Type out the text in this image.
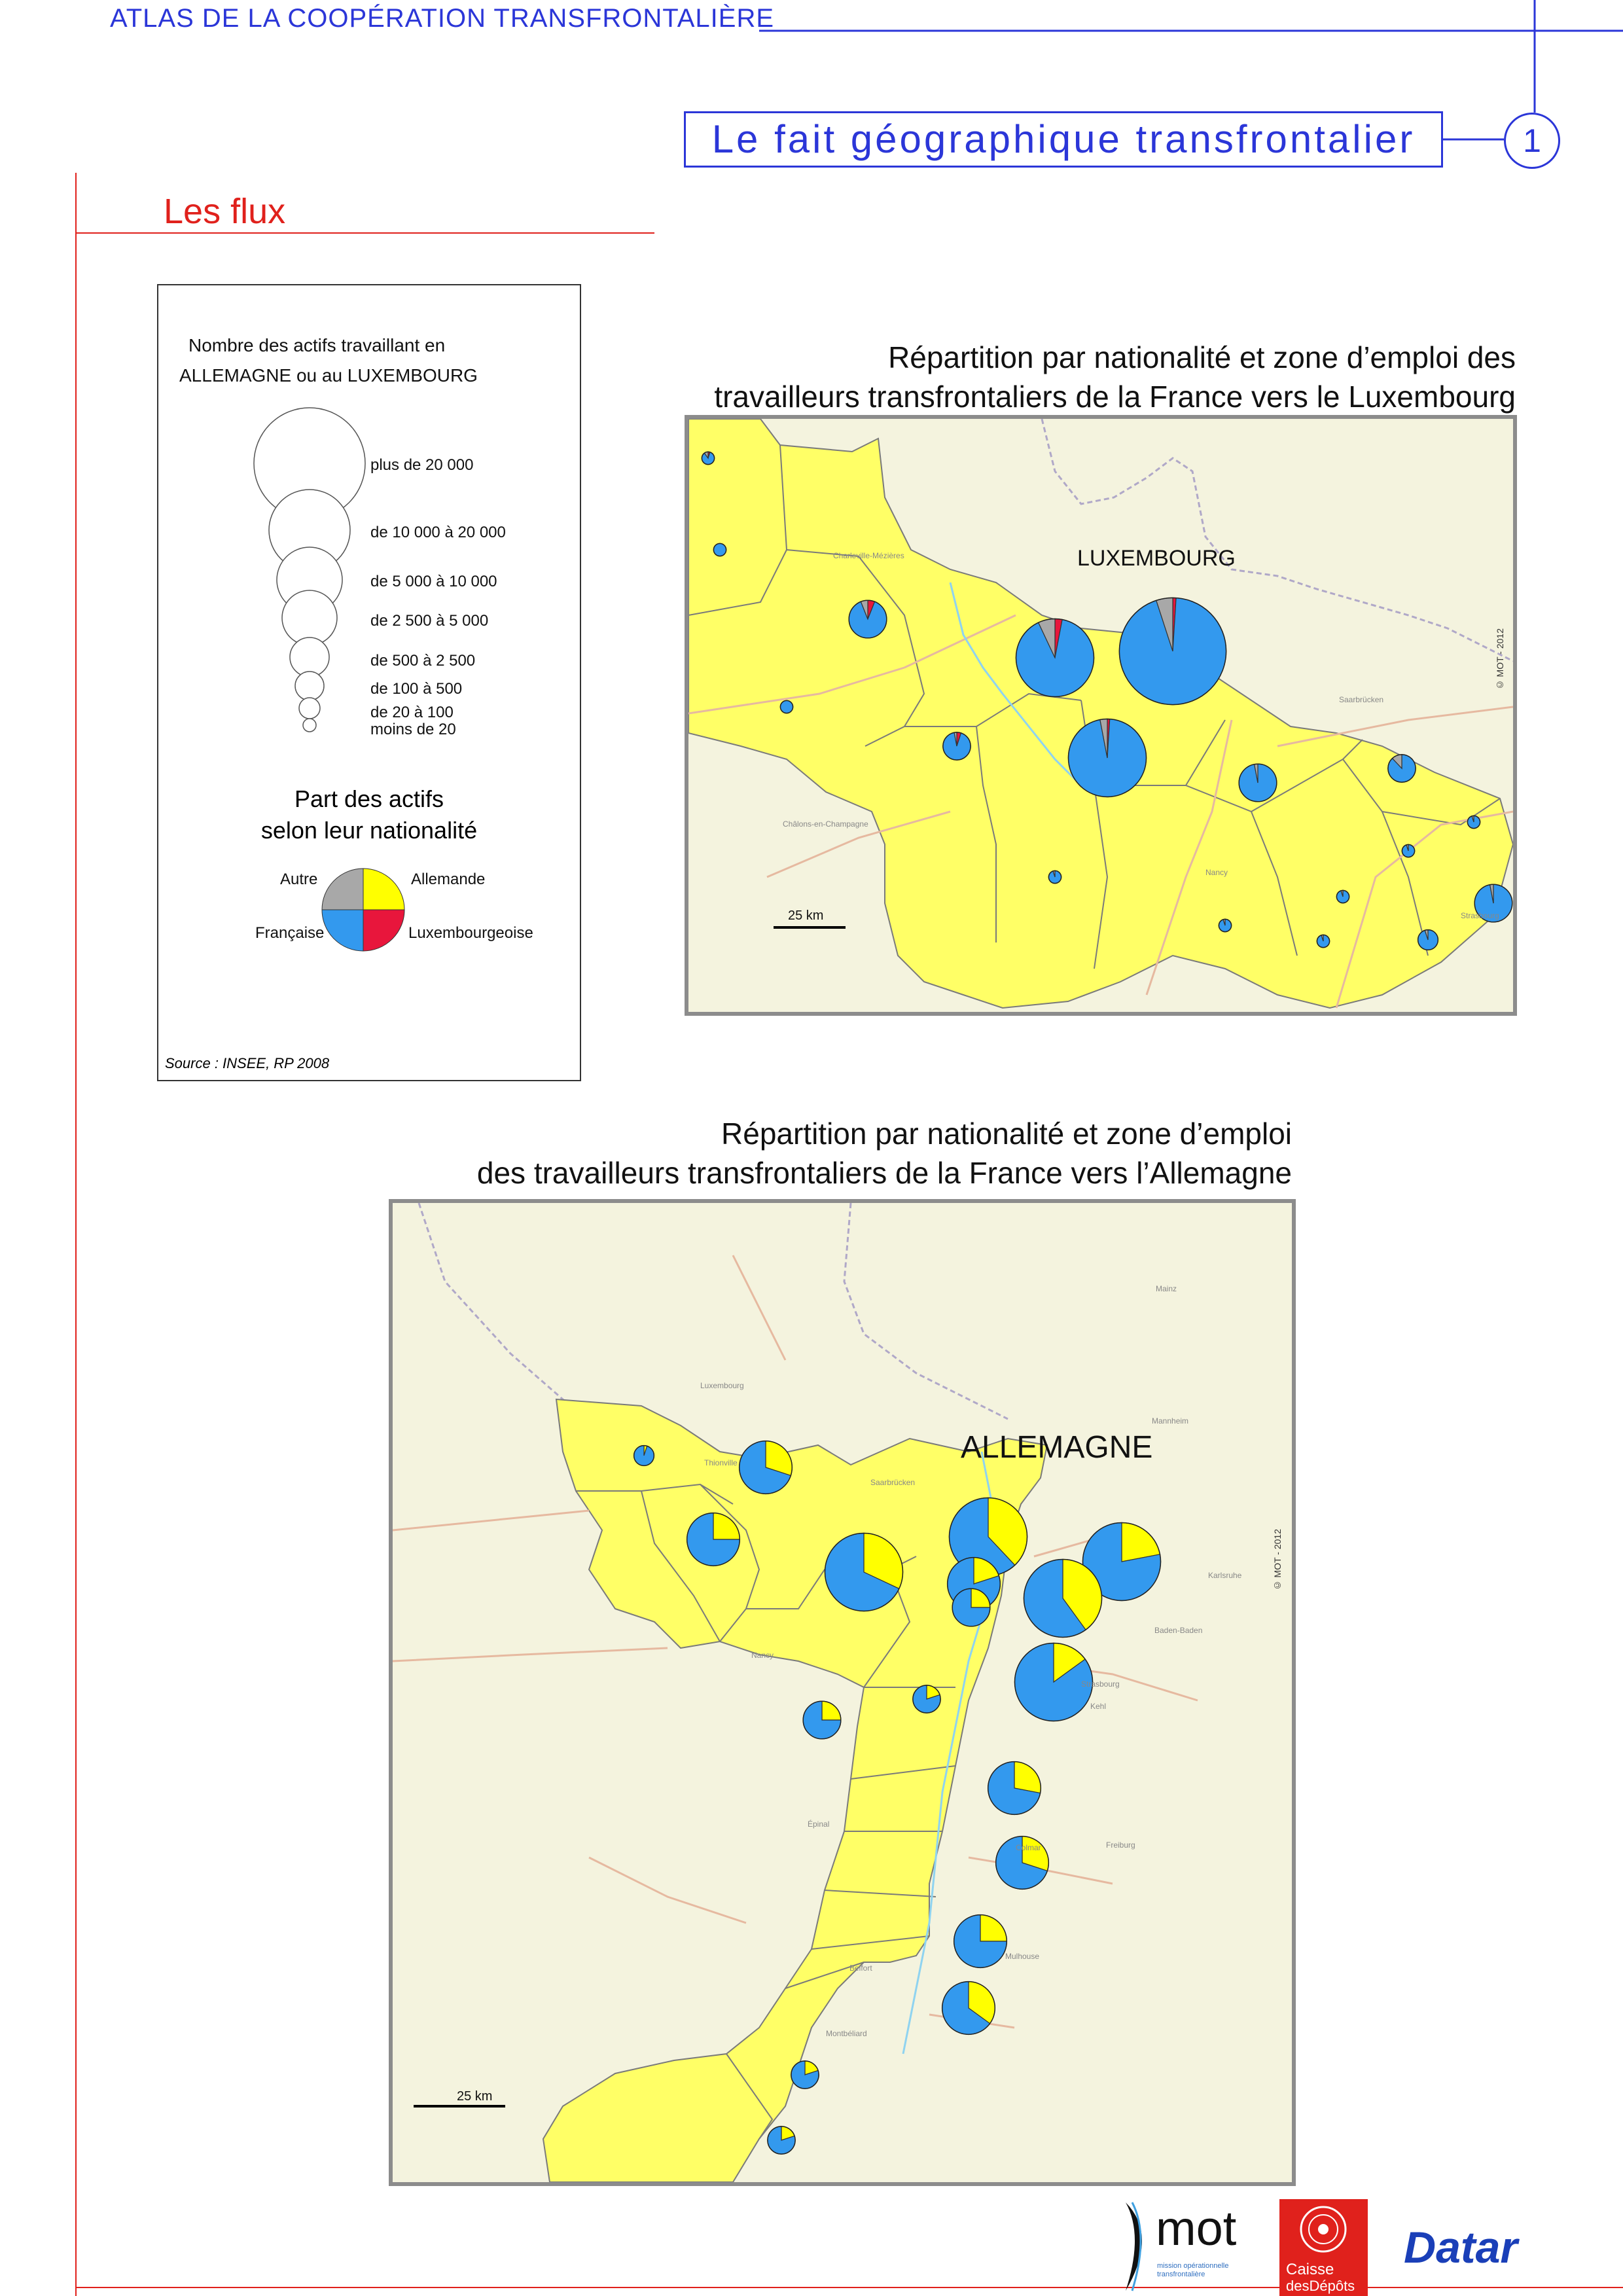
ATLAS DE LA COOPÉRATION TRANSFRONTALIÈRE
Le fait géographique transfrontalier	1
Les flux
Nombre des actifs travaillant en
ALLEMAGNE ou au LUXEMBOURG
plus de 20 000
de 10 000 à 20 000
de 5 000 à 10 000
de 2 500 à 5 000
de 500 à 2 500
de 100 à 500
de 20 à 100
moins de 20
Part des actifs
selon leur nationalité
Autre	Allemande
Française	Luxembourgeoise
Source : INSEE, RP 2008
Répartition par nationalité et zone d’emploi des
travailleurs transfrontaliers de la France vers le Luxembourg
LUXEMBOURG
25 km
© MOT - 2012
Charleville-Mézières
Châlons-en-Champagne
Nancy
Saarbrücken
Strasbourg
Répartition par nationalité et zone d’emploi
des travailleurs transfrontaliers de la France vers l’Allemagne
ALLEMAGNE
25 km
© MOT - 2012
Thionville
Saarbrücken
Mannheim
Karlsruhe
Baden-Baden
Nancy
Strasbourg
Kehl
Colmar	Freiburg
Mulhouse
Belfort
Montbéliard
Épinal
Luxembourg
Mainz
mot
mission opérationnelle transfrontalière	Caisse
desDépôts
Datar
